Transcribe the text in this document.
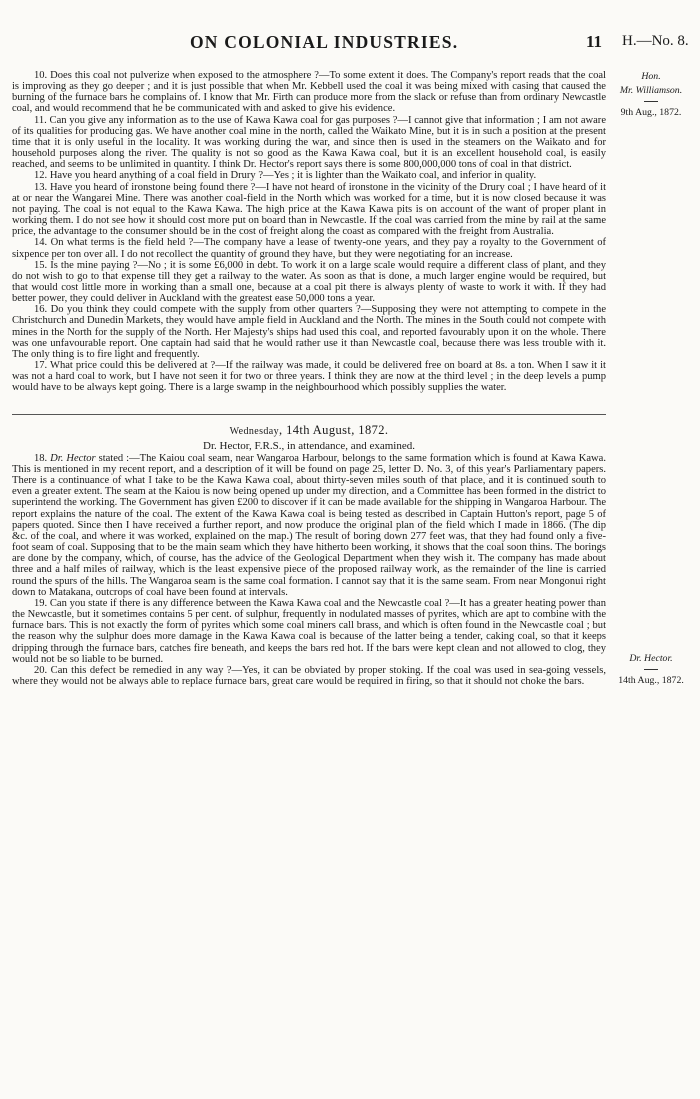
ON COLONIAL INDUSTRIES.	11 H.—No. 8.
Hon.
Mr. Williamson.
9th Aug., 1872.
Dr. Hector.
14th Aug., 1872.

10. Does this coal not pulverize when exposed to the atmosphere ?—To some extent it does. The Company's report reads that the coal is improving as they go deeper ; and it is just possible that when Mr. Kebbell used the coal it was being mixed with casing that caused the burning of the furnace bars he complains of. I know that Mr. Firth can produce more from the slack or refuse than from ordinary Newcastle coal, and would recommend that he be communicated with and asked to give his evidence.

11. Can you give any information as to the use of Kawa Kawa coal for gas purposes ?—I cannot give that information ; I am not aware of its qualities for producing gas. We have another coal mine in the north, called the Waikato Mine, but it is in such a position at the present time that it is only useful in the locality. It was working during the war, and since then is used in the steamers on the Waikato and for household purposes along the river. The quality is not so good as the Kawa Kawa coal, but it is an excellent household coal, is easily reached, and seems to be unlimited in quantity. I think Dr. Hector's report says there is some 800,000,000 tons of coal in that district.

12. Have you heard anything of a coal field in Drury ?—Yes ; it is lighter than the Waikato coal, and inferior in quality.

13. Have you heard of ironstone being found there ?—I have not heard of ironstone in the vicinity of the Drury coal ; I have heard of it at or near the Wangarei Mine. There was another coal-field in the North which was worked for a time, but it is now closed because it was not paying. The coal is not equal to the Kawa Kawa. The high price at the Kawa Kawa pits is on account of the want of proper plant in working them. I do not see how it should cost more put on board than in Newcastle. If the coal was carried from the mine by rail at the same price, the advantage to the consumer should be in the cost of freight along the coast as compared with the freight from Australia.

14. On what terms is the field held ?—The company have a lease of twenty-one years, and they pay a royalty to the Government of sixpence per ton over all. I do not recollect the quantity of ground they have, but they were negotiating for an increase.

15. Is the mine paying ?—No ; it is some £6,000 in debt. To work it on a large scale would require a different class of plant, and they do not wish to go to that expense till they get a railway to the water. As soon as that is done, a much larger engine would be required, but that would cost little more in working than a small one, because at a coal pit there is always plenty of waste to work it with. If they had better power, they could deliver in Auckland with the greatest ease 50,000 tons a year.

16. Do you think they could compete with the supply from other quarters ?—Supposing they were not attempting to compete in the Christchurch and Dunedin Markets, they would have ample field in Auckland and the North. The mines in the South could not compete with mines in the North for the supply of the North. Her Majesty's ships had used this coal, and reported favourably upon it on the whole. There was one unfavourable report. One captain had said that he would rather use it than Newcastle coal, because there was less trouble with it. The only thing is to fire light and frequently.

17. What price could this be delivered at ?—If the railway was made, it could be delivered free on board at 8s. a ton. When I saw it it was not a hard coal to work, but I have not seen it for two or three years. I think they are now at the third level ; in the deep levels a pump would have to be always kept going. There is a large swamp in the neighbourhood which possibly supplies the water.

Wednesday, 14th August, 1872.
Dr. Hector, F.R.S., in attendance, and examined.

18. Dr. Hector stated :—The Kaiou coal seam, near Wangaroa Harbour, belongs to the same formation which is found at Kawa Kawa. This is mentioned in my recent report, and a description of it will be found on page 25, letter D. No. 3, of this year's Parliamentary papers. There is a continuance of what I take to be the Kawa Kawa coal, about thirty-seven miles south of that place, and it is continued south to even a greater extent. The seam at the Kaiou is now being opened up under my direction, and a Committee has been formed in the district to superintend the working. The Government has given £200 to discover if it can be made available for the shipping in Wangaroa Harbour. The report explains the nature of the coal. The extent of the Kawa Kawa coal is being tested as described in Captain Hutton's report, page 5 of papers quoted. Since then I have received a further report, and now produce the original plan of the field which I made in 1866. (The dip &c. of the coal, and where it was worked, explained on the map.) The result of boring down 277 feet was, that they had found only a five-foot seam of coal. Supposing that to be the main seam which they have hitherto been working, it shows that the coal soon thins. The borings are done by the company, which, of course, has the advice of the Geological Department when they wish it. The company has made about three and a half miles of railway, which is the least expensive piece of the proposed railway work, as the remainder of the line is carried round the spurs of the hills. The Wangaroa seam is the same coal formation. I cannot say that it is the same seam. From near Mongonui right down to Matakana, outcrops of coal have been found at intervals.

19. Can you state if there is any difference between the Kawa Kawa coal and the Newcastle coal ?—It has a greater heating power than the Newcastle, but it sometimes contains 5 per cent. of sulphur, frequently in nodulated masses of pyrites, which are apt to combine with the furnace bars. This is not exactly the form of pyrites which some coal miners call brass, and which is often found in the Newcastle coal ; but the reason why the sulphur does more damage in the Kawa Kawa coal is because of the latter being a tender, caking coal, so that it keeps dripping through the furnace bars, catches fire beneath, and keeps the bars red hot. If the bars were kept clean and not allowed to clog, they would not be so liable to be burned.

20. Can this defect be remedied in any way ?—Yes, it can be obviated by proper stoking. If the coal was used in sea-going vessels, where they would not be always able to replace furnace bars, great care would be required in firing, so that it should not choke the bars.
